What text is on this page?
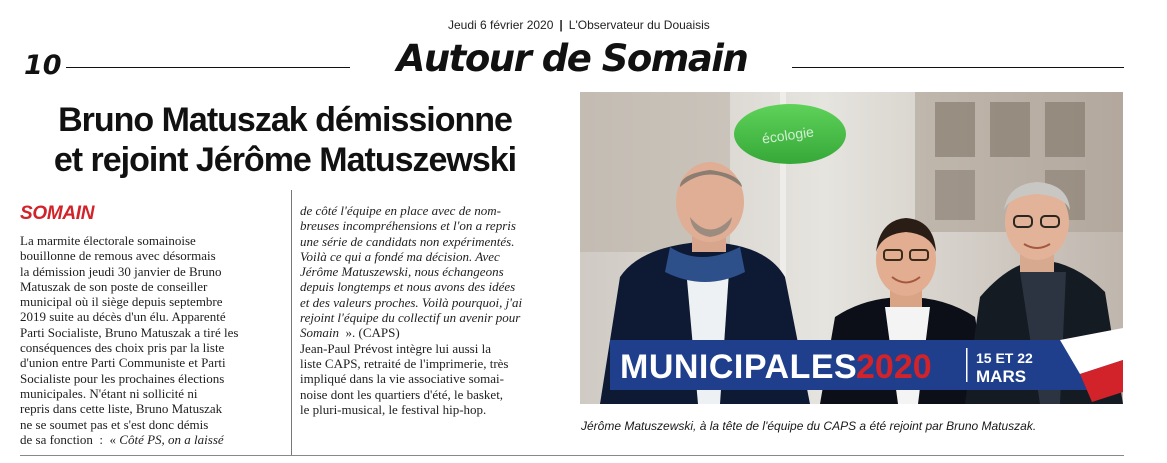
Jeudi 6 février 2020 | L'Observateur du Douaisis
10	Autour de Somain
Bruno Matuszak démissionne
et rejoint Jérôme Matuszewski
SOMAIN
La marmite électorale somainoise
bouillonne de remous avec désormais
la démission jeudi 30 janvier de Bruno
Matuszak de son poste de conseiller
municipal où il siège depuis septembre
2019 suite au décès d'un élu. Apparenté
Parti Socialiste, Bruno Matuszak a tiré les
conséquences des choix pris par la liste
d'union entre Parti Communiste et Parti
Socialiste pour les prochaines élections
municipales. N'étant ni sollicité ni
repris dans cette liste, Bruno Matuszak
ne se soumet pas et s'est donc démis
de sa fonction  :  « Côté PS, on a laissé
de côté l'équipe en place avec de nom-
breuses incompréhensions et l'on a repris
une série de candidats non expérimentés.
Voilà ce qui a fondé ma décision. Avec
Jérôme Matuszewski, nous échangeons
depuis longtemps et nous avons des idées
et des valeurs proches. Voilà pourquoi, j'ai
rejoint l'équipe du collectif un avenir pour
Somain  ». (CAPS)
Jean-Paul Prévost intègre lui aussi la
liste CAPS, retraité de l'imprimerie, très
impliqué dans la vie associative somai-
noise dont les quartiers d'été, le basket,
le pluri-musical, le festival hip-hop.
écologie
MUNICIPALES
2020	15 ET 22
MARS
Jérôme Matuszewski, à la tête de l'équipe du CAPS a été rejoint par Bruno Matuszak.
